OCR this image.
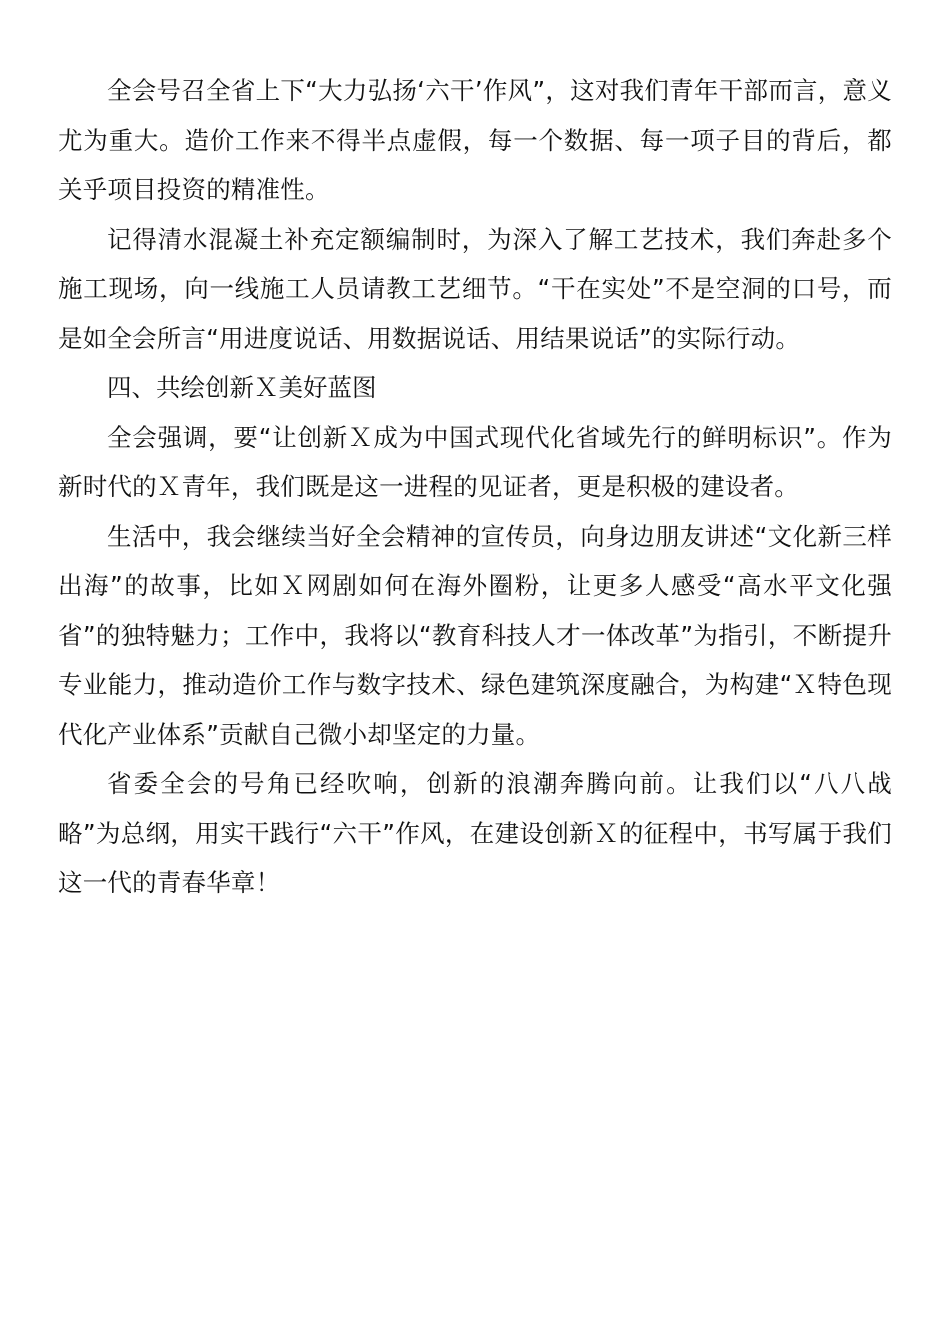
全会号召全省上下“大力弘扬‘六干’作风”，这对我们青年干部而言，意义尤为重大。造价工作来不得半点虚假，每一个数据、每一项子目的背后，都关乎项目投资的精准性。

记得清水混凝土补充定额编制时，为深入了解工艺技术，我们奔赴多个施工现场，向一线施工人员请教工艺细节。“干在实处”不是空洞的口号，而是如全会所言“用进度说话、用数据说话、用结果说话”的实际行动。

四、共绘创新Ｘ美好蓝图

全会强调，要“让创新Ｘ成为中国式现代化省域先行的鲜明标识”。作为新时代的Ｘ青年，我们既是这一进程的见证者，更是积极的建设者。

生活中，我会继续当好全会精神的宣传员，向身边朋友讲述“文化新三样出海”的故事，比如Ｘ网剧如何在海外圈粉，让更多人感受“高水平文化强省”的独特魅力；工作中，我将以“教育科技人才一体改革”为指引，不断提升专业能力，推动造价工作与数字技术、绿色建筑深度融合，为构建“Ｘ特色现代化产业体系”贡献自己微小却坚定的力量。

省委全会的号角已经吹响，创新的浪潮奔腾向前。让我们以“八八战略”为总纲，用实干践行“六干”作风，在建设创新Ｘ的征程中，书写属于我们这一代的青春华章！
